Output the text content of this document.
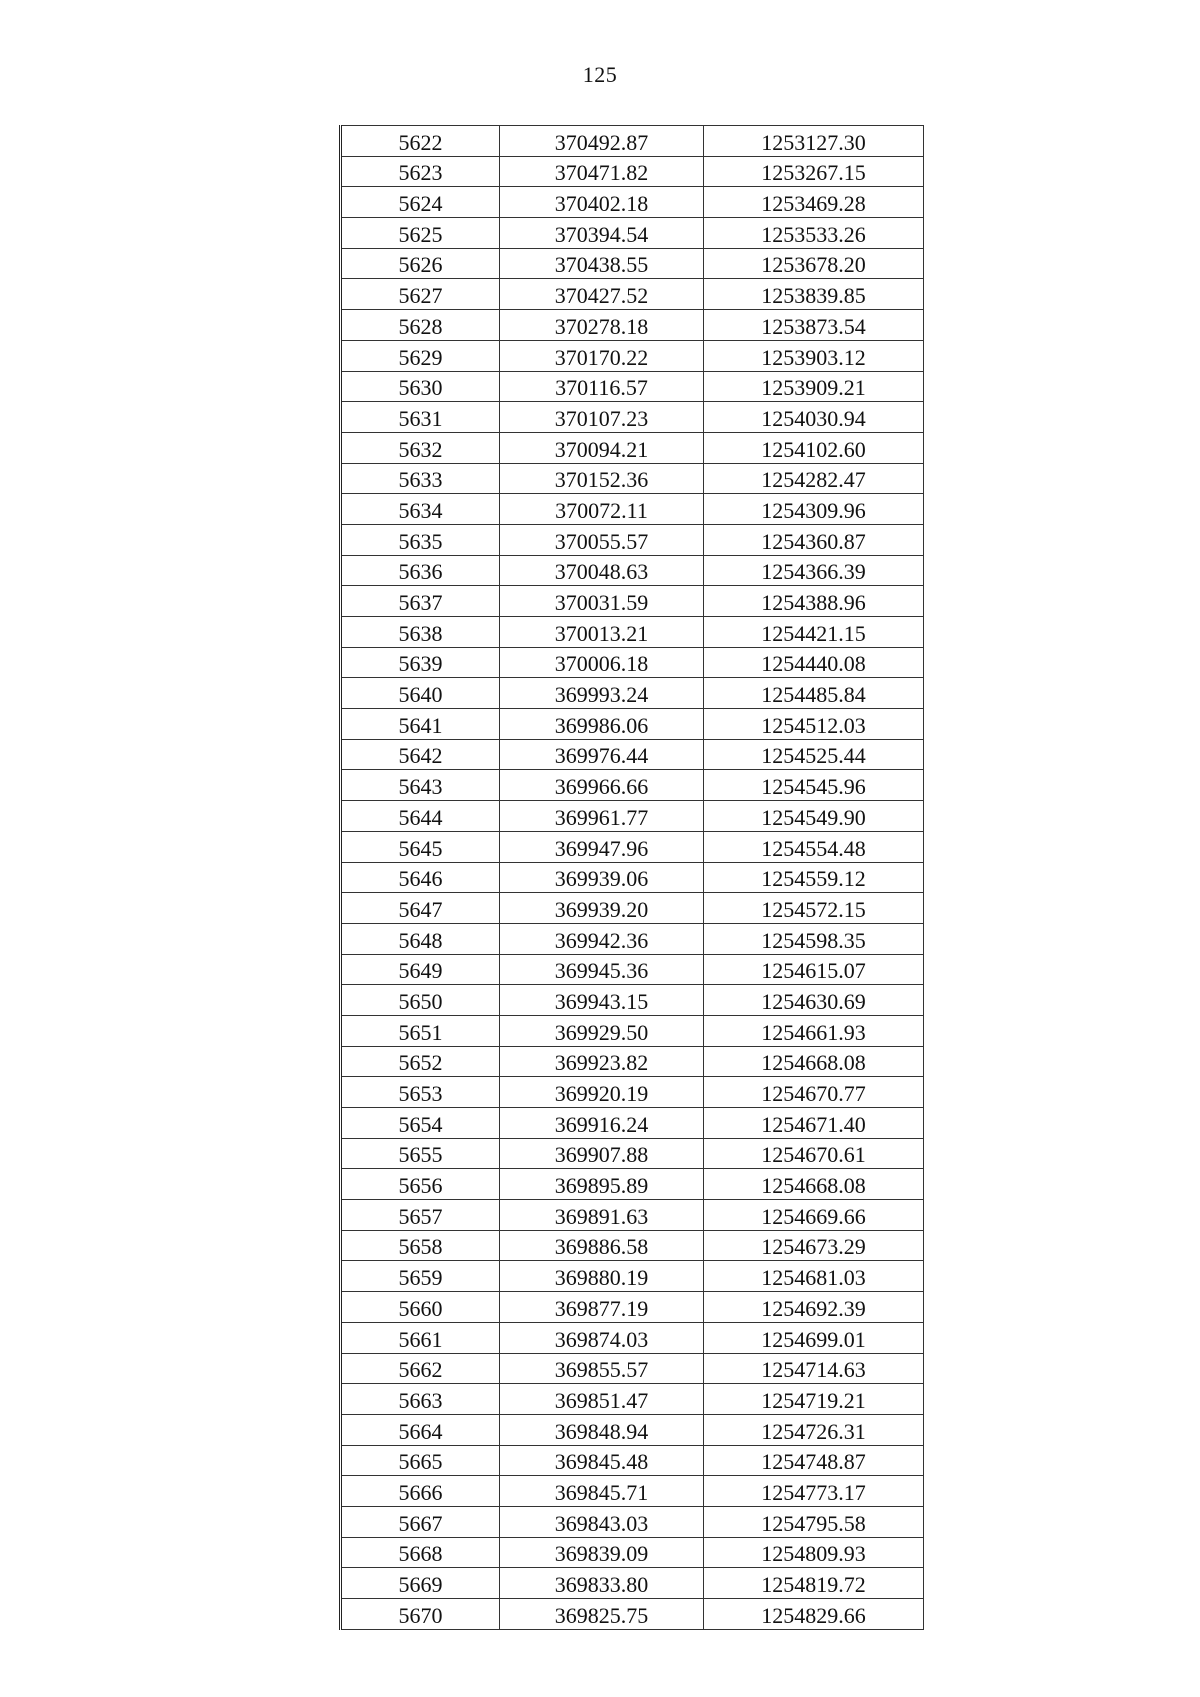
125
5622	370492.87	1253127.30
5623	370471.82	1253267.15
5624	370402.18	1253469.28
5625	370394.54	1253533.26
5626	370438.55	1253678.20
5627	370427.52	1253839.85
5628	370278.18	1253873.54
5629	370170.22	1253903.12
5630	370116.57	1253909.21
5631	370107.23	1254030.94
5632	370094.21	1254102.60
5633	370152.36	1254282.47
5634	370072.11	1254309.96
5635	370055.57	1254360.87
5636	370048.63	1254366.39
5637	370031.59	1254388.96
5638	370013.21	1254421.15
5639	370006.18	1254440.08
5640	369993.24	1254485.84
5641	369986.06	1254512.03
5642	369976.44	1254525.44
5643	369966.66	1254545.96
5644	369961.77	1254549.90
5645	369947.96	1254554.48
5646	369939.06	1254559.12
5647	369939.20	1254572.15
5648	369942.36	1254598.35
5649	369945.36	1254615.07
5650	369943.15	1254630.69
5651	369929.50	1254661.93
5652	369923.82	1254668.08
5653	369920.19	1254670.77
5654	369916.24	1254671.40
5655	369907.88	1254670.61
5656	369895.89	1254668.08
5657	369891.63	1254669.66
5658	369886.58	1254673.29
5659	369880.19	1254681.03
5660	369877.19	1254692.39
5661	369874.03	1254699.01
5662	369855.57	1254714.63
5663	369851.47	1254719.21
5664	369848.94	1254726.31
5665	369845.48	1254748.87
5666	369845.71	1254773.17
5667	369843.03	1254795.58
5668	369839.09	1254809.93
5669	369833.80	1254819.72
5670	369825.75	1254829.66
